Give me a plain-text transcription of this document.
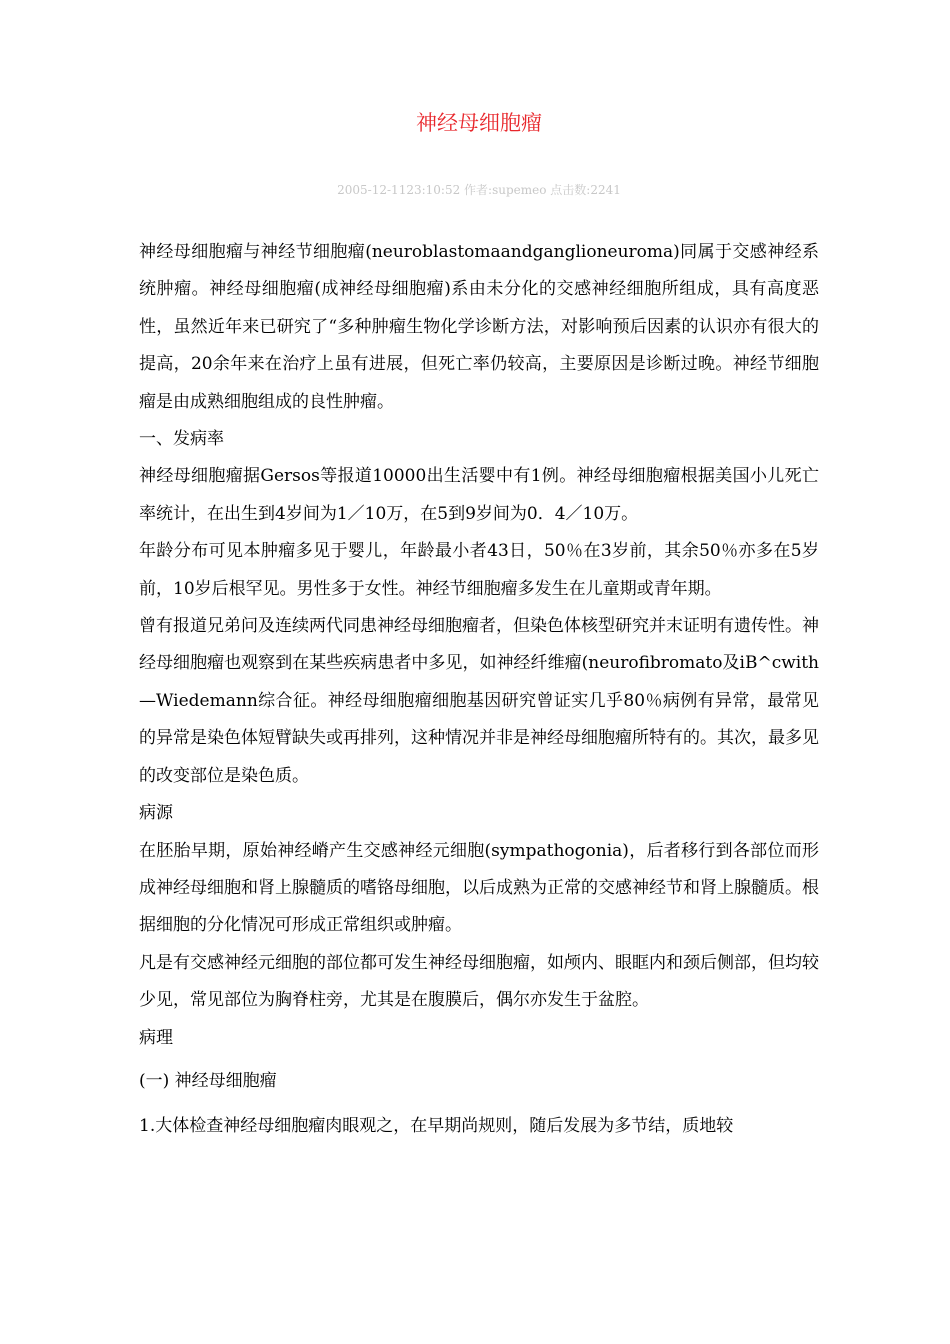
神经母细胞瘤
2005-12-1123:10:52 作者:supemeo 点击数:2241

神经母细胞瘤与神经节细胞瘤(neuroblastomaandganglioneuroma)同属于交感神经系统肿瘤。神经母细胞瘤(成神经母细胞瘤)系由未分化的交感神经细胞所组成，具有高度恶性，虽然近年来已研究了“多种肿瘤生物化学诊断方法，对影响预后因素的认识亦有很大的提高，20余年来在治疗上虽有进展，但死亡率仍较高，主要原因是诊断过晚。神经节细胞瘤是由成熟细胞组成的良性肿瘤。

一、发病率

神经母细胞瘤据Gersos等报道10000出生活婴中有1例。神经母细胞瘤根据美国小儿死亡率统计，在出生到4岁间为1／10万，在5到9岁间为0．4／10万。

年龄分布可见本肿瘤多见于婴儿，年龄最小者43日，50％在3岁前，其余50％亦多在5岁前，10岁后根罕见。男性多于女性。神经节细胞瘤多发生在儿童期或青年期。

曾有报道兄弟问及连续两代同患神经母细胞瘤者，但染色体核型研究并末证明有遗传性。神经母细胞瘤也观察到在某些疾病患者中多见，如神经纤维瘤(neurofibromato及iB^cwith—Wiedemann综合征。神经母细胞瘤细胞基因研究曾证实几乎80％病例有异常，最常见的异常是染色体短臂缺失或再排列，这种情况并非是神经母细胞瘤所特有的。其次，最多见的改变部位是染色质。

病源

在胚胎早期，原始神经嵴产生交感神经元细胞(sympathogonia)，后者移行到各部位而形成神经母细胞和肾上腺髓质的嗜铬母细胞，以后成熟为正常的交感神经节和肾上腺髓质。根据细胞的分化情况可形成正常组织或肿瘤。

凡是有交感神经元细胞的部位都可发生神经母细胞瘤，如颅内、眼眶内和颈后侧部，但均较少见，常见部位为胸脊柱旁，尤其是在腹膜后，偶尔亦发生于盆腔。

病理

(一) 神经母细胞瘤

1.大体检查神经母细胞瘤肉眼观之，在早期尚规则，随后发展为多节结，质地较
